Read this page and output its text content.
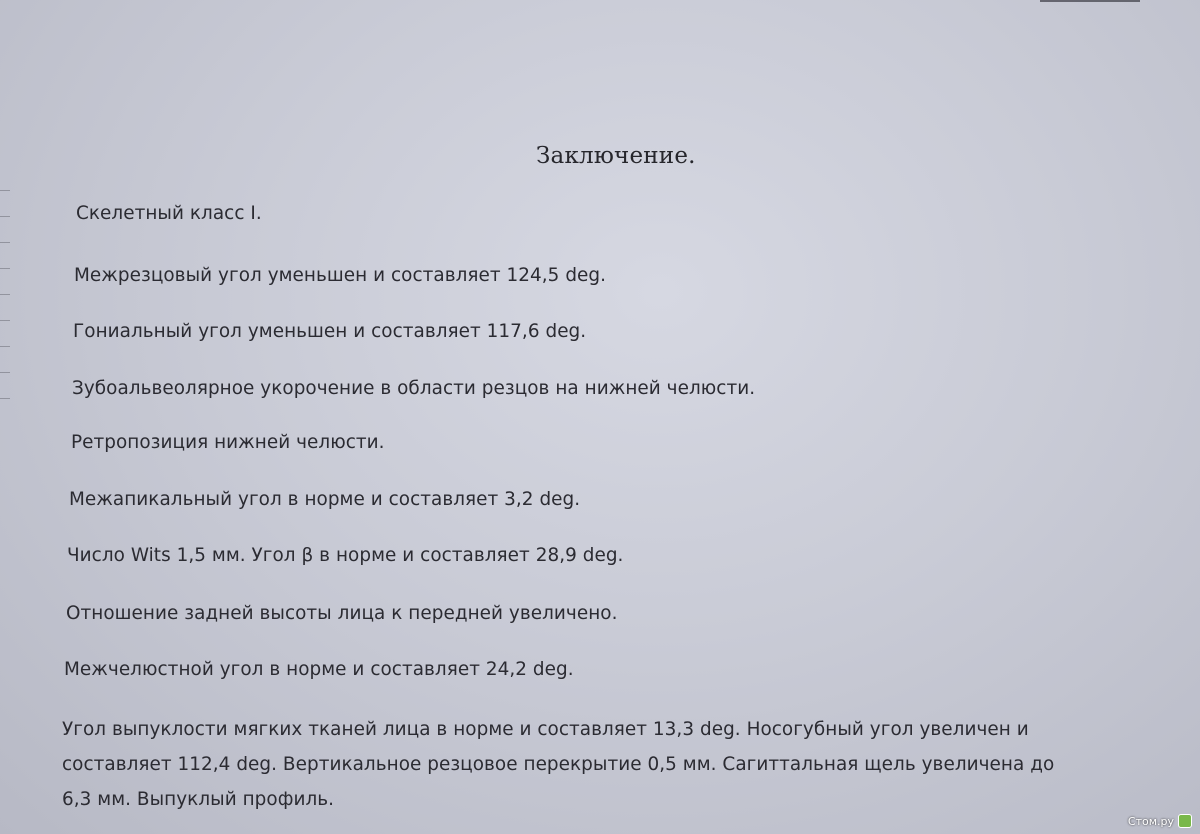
Заключение.
Скелетный класс I.
Межрезцовый угол уменьшен и составляет 124,5 deg.
Гониальный угол уменьшен и составляет 117,6 deg.
Зубоальвеолярное укорочение в области резцов на нижней челюсти.
Ретропозиция нижней челюсти.
Межапикальный угол в норме и составляет 3,2 deg.
Число Wits 1,5 мм. Угол β в норме и составляет 28,9 deg.
Отношение задней высоты лица к передней увеличено.
Межчелюстной угол в норме и составляет 24,2 deg.
Угол выпуклости мягких тканей лица в норме и составляет 13,3 deg. Носогубный угол увеличен и
составляет 112,4 deg. Вертикальное резцовое перекрытие 0,5 мм. Сагиттальная щель увеличена до
6,3 мм. Выпуклый профиль.
Стом.ру
